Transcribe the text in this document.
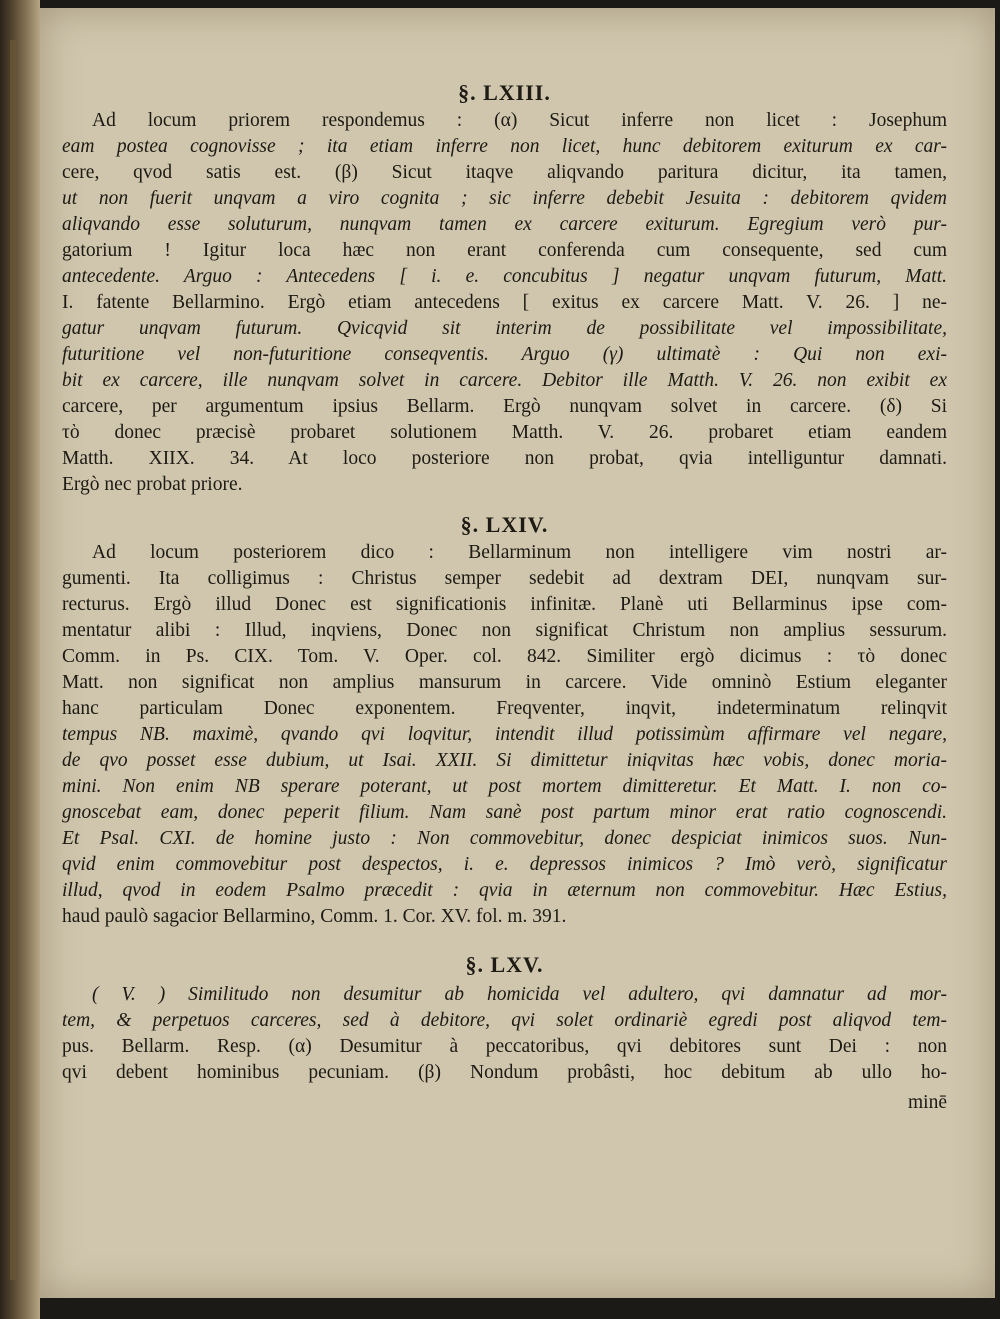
§. LXIII.
Ad locum priorem respondemus : (α) Sicut inferre non licet : Josephum
eam postea cognovisse ; ita etiam inferre non licet, hunc debitorem exiturum ex car-
cere, qvod satis est. (β) Sicut itaqve aliqvando paritura dicitur, ita tamen,
ut non fuerit unqvam a viro cognita ; sic inferre debebit Jesuita : debitorem qvidem
aliqvando esse soluturum, nunqvam tamen ex carcere exiturum. Egregium verò pur-
gatorium ! Igitur loca hæc non erant conferenda cum consequente, sed cum
antecedente. Arguo : Antecedens [ i. e. concubitus ] negatur unqvam futurum, Matt.
I. fatente Bellarmino. Ergò etiam antecedens [ exitus ex carcere Matt. V. 26. ] ne-
gatur unqvam futurum. Qvicqvid sit interim de possibilitate vel impossibilitate,
futuritione vel non-futuritione conseqventis. Arguo (γ) ultimatè : Qui non exi-
bit ex carcere, ille nunqvam solvet in carcere. Debitor ille Matth. V. 26. non exibit ex
carcere, per argumentum ipsius Bellarm. Ergò nunqvam solvet in carcere. (δ) Si
τὸ donec præcisè probaret solutionem Matth. V. 26. probaret etiam eandem
Matth. XIIX. 34. At loco posteriore non probat, qvia intelliguntur damnati.
Ergò nec probat priore.
§. LXIV.
Ad locum posteriorem dico : Bellarminum non intelligere vim nostri ar-
gumenti. Ita colligimus : Christus semper sedebit ad dextram DEI, nunqvam sur-
recturus. Ergò illud Donec est significationis infinitæ. Planè uti Bellarminus ipse com-
mentatur alibi : Illud, inqviens, Donec non significat Christum non amplius sessurum.
Comm. in Ps. CIX. Tom. V. Oper. col. 842. Similiter ergò dicimus : τὸ donec
Matt. non significat non amplius mansurum in carcere. Vide omninò Estium eleganter
hanc particulam Donec exponentem. Freqventer, inqvit, indeterminatum relinqvit
tempus NB. maximè, qvando qvi loqvitur, intendit illud potissimùm affirmare vel negare,
de qvo posset esse dubium, ut Isai. XXII. Si dimittetur iniqvitas hæc vobis, donec moria-
mini. Non enim NB sperare poterant, ut post mortem dimitteretur. Et Matt. I. non co-
gnoscebat eam, donec peperit filium. Nam sanè post partum minor erat ratio cognoscendi.
Et Psal. CXI. de homine justo : Non commovebitur, donec despiciat inimicos suos. Nun-
qvid enim commovebitur post despectos, i. e. depressos inimicos ? Imò verò, significatur
illud, qvod in eodem Psalmo præcedit : qvia in æternum non commovebitur. Hæc Estius,
haud paulò sagacior Bellarmino, Comm. 1. Cor. XV. fol. m. 391.
§. LXV.
( V. ) Similitudo non desumitur ab homicida vel adultero, qvi damnatur ad mor-
tem, & perpetuos carceres, sed à debitore, qvi solet ordinariè egredi post aliqvod tem-
pus. Bellarm. Resp. (α) Desumitur à peccatoribus, qvi debitores sunt Dei : non
qvi debent hominibus pecuniam. (β) Nondum probâsti, hoc debitum ab ullo ho-
minē
